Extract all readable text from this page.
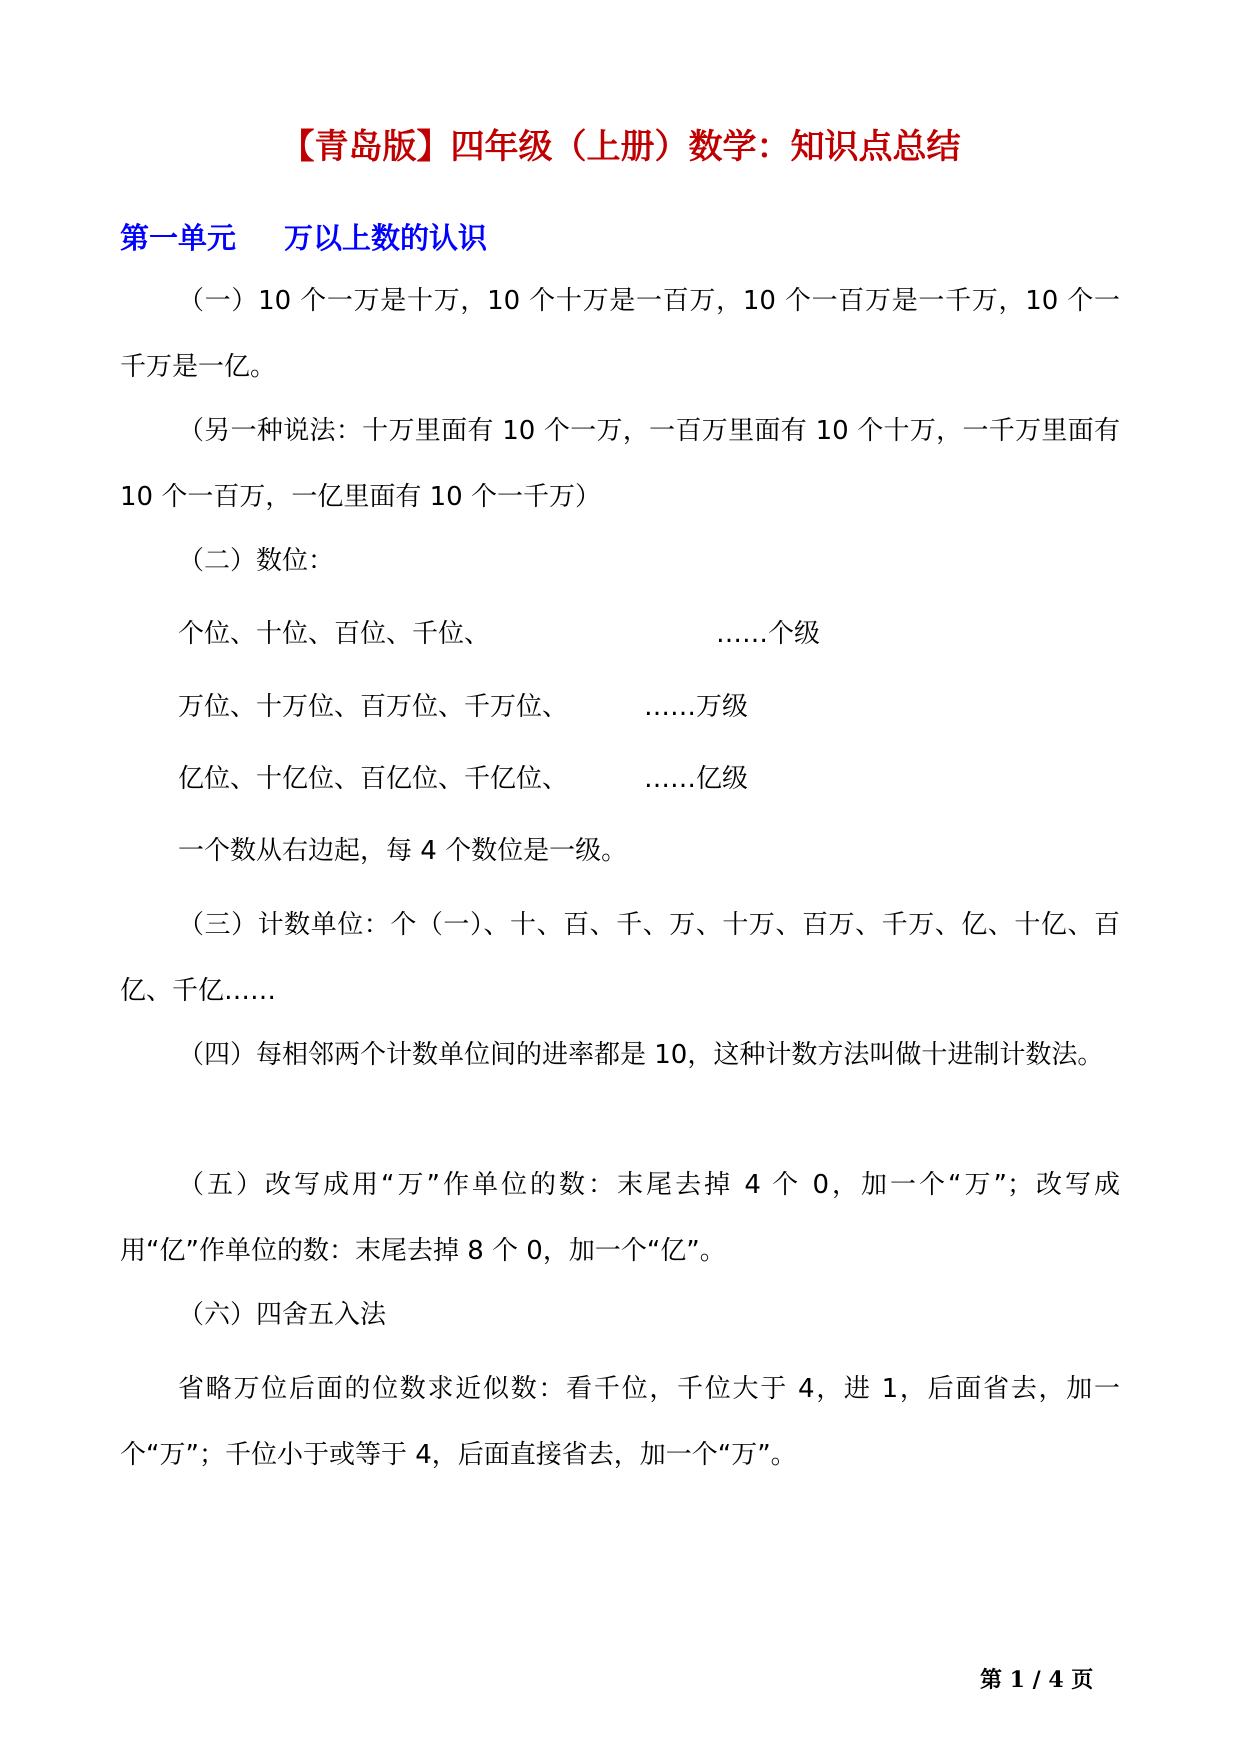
【青岛版】四年级（上册）数学：知识点总结
第一单元 万以上数的认识
（一）10 个一万是十万，10 个十万是一百万，10 个一百万是一千万，10 个一千万是一亿。
（另一种说法：十万里面有 10 个一万，一百万里面有 10 个十万，一千万里面有 10 个一百万，一亿里面有 10 个一千万）
（二）数位：
个位、十位、百位、千位、	……个级
万位、十万位、百万位、千万位、	……万级
亿位、十亿位、百亿位、千亿位、	……亿级
一个数从右边起，每 4 个数位是一级。
（三）计数单位：个（一）、十、百、千、万、十万、百万、千万、亿、十亿、百亿、千亿……
（四）每相邻两个计数单位间的进率都是 10，这种计数方法叫做十进制计数法。
（五）改写成用“万”作单位的数：末尾去掉 4 个 0，加一个“万”；改写成用“亿”作单位的数：末尾去掉 8 个 0，加一个“亿”。
（六）四舍五入法
省略万位后面的位数求近似数：看千位，千位大于 4，进 1，后面省去，加一个“万”；千位小于或等于 4，后面直接省去，加一个“万”。
第 1 / 4 页
